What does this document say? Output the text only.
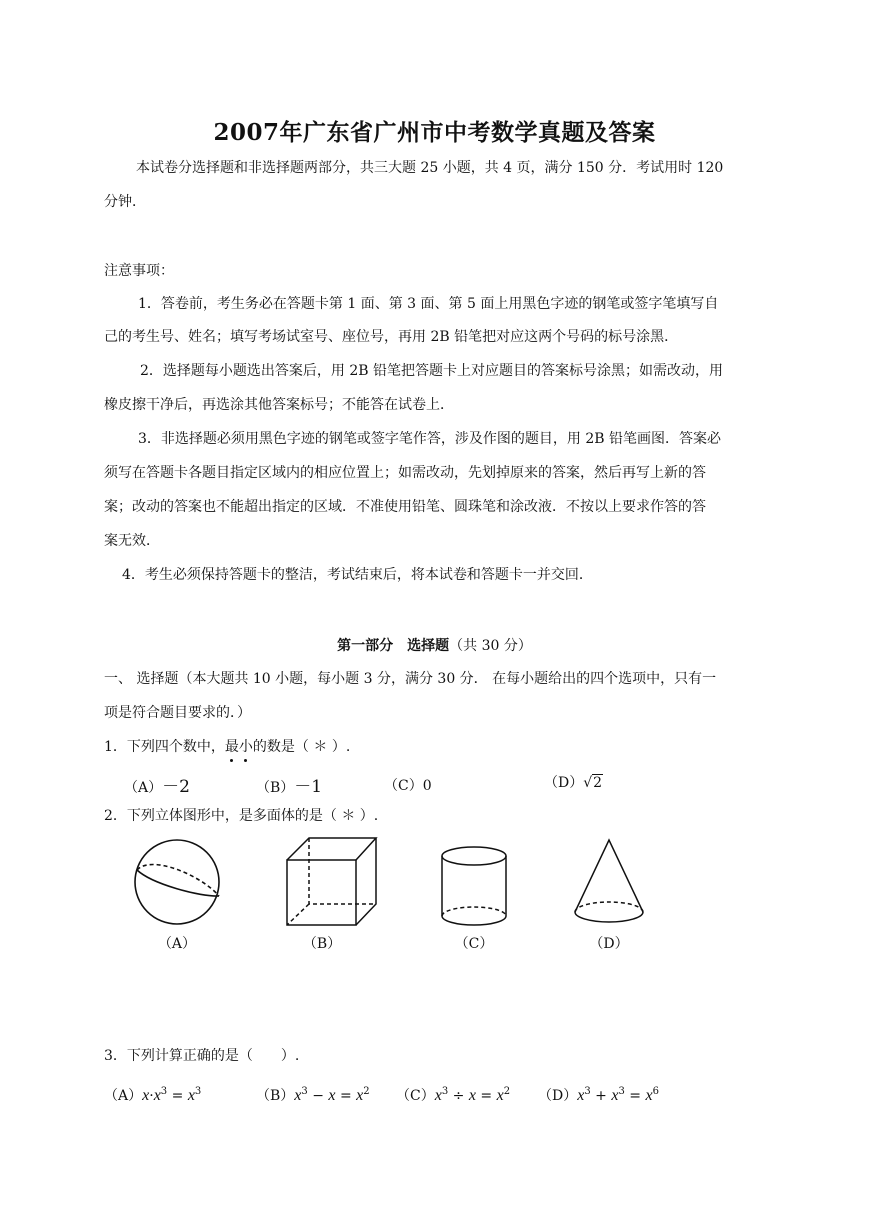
2007年广东省广州市中考数学真题及答案
本试卷分选择题和非选择题两部分，共三大题 25 小题，共 4 页，满分 150 分．考试用时 120
分钟．
注意事项：
1．答卷前，考生务必在答题卡第 1 面、第 3 面、第 5 面上用黑色字迹的钢笔或签字笔填写自
己的考生号、姓名；填写考场试室号、座位号，再用 2B 铅笔把对应这两个号码的标号涂黑．
2．选择题每小题选出答案后，用 2B 铅笔把答题卡上对应题目的答案标号涂黑；如需改动，用
橡皮擦干净后，再选涂其他答案标号；不能答在试卷上．
3．非选择题必须用黑色字迹的钢笔或签字笔作答，涉及作图的题目，用 2B 铅笔画图．答案必
须写在答题卡各题目指定区域内的相应位置上；如需改动，先划掉原来的答案，然后再写上新的答
案；改动的答案也不能超出指定的区域．不准使用铅笔、圆珠笔和涂改液．不按以上要求作答的答
案无效．
4．考生必须保持答题卡的整洁，考试结束后，将本试卷和答题卡一并交回．
第一部分　选择题（共 30 分）
一、 选择题（本大题共 10 小题，每小题 3 分，满分 30 分． 在每小题给出的四个选项中，只有一
项是符合题目要求的．）
1．下列四个数中，最小的数是（ ＊ ）.
（A）－2	（B）－1	（C）0	（D）√2
2．下列立体图形中，是多面体的是（ ＊ ）.
（A）	（B）	（C）	（D）
3．下列计算正确的是（　　）.
$(A)x\cdot x^3 = x^3$	$(B)x^3 - x = x^2$ $(C)x^3 \div x = x^2$ $(D)x^3 + x^3 = x^6$
